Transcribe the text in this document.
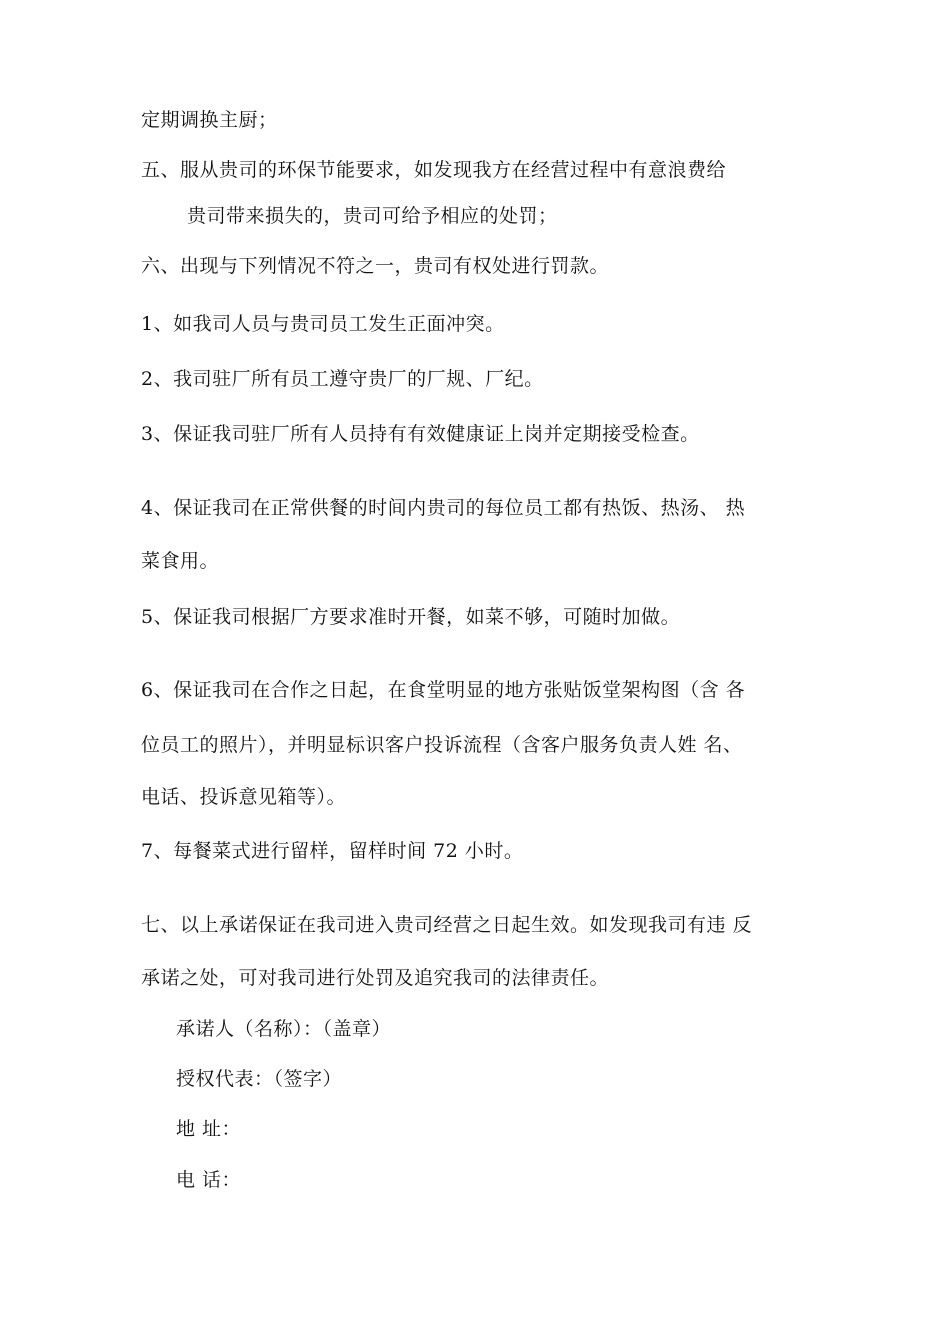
定期调换主厨；
五、服从贵司的环保节能要求，如发现我方在经营过程中有意浪费给
贵司带来损失的，贵司可给予相应的处罚；
六、出现与下列情况不符之一，贵司有权处进行罚款。
1、如我司人员与贵司员工发生正面冲突。
2、我司驻厂所有员工遵守贵厂的厂规、厂纪。
3、保证我司驻厂所有人员持有有效健康证上岗并定期接受检查。
4、保证我司在正常供餐的时间内贵司的每位员工都有热饭、热汤、 热
菜食用。
5、保证我司根据厂方要求准时开餐，如菜不够，可随时加做。
6、保证我司在合作之日起，在食堂明显的地方张贴饭堂架构图（含 各
位员工的照片），并明显标识客户投诉流程（含客户服务负责人姓 名、
电话、投诉意见箱等）。
7、每餐菜式进行留样，留样时间 72 小时。
七、以上承诺保证在我司进入贵司经营之日起生效。如发现我司有违 反
承诺之处，可对我司进行处罚及追究我司的法律责任。
承诺人（名称）：（盖章）
授权代表：（签字）
地 址：
电 话：
